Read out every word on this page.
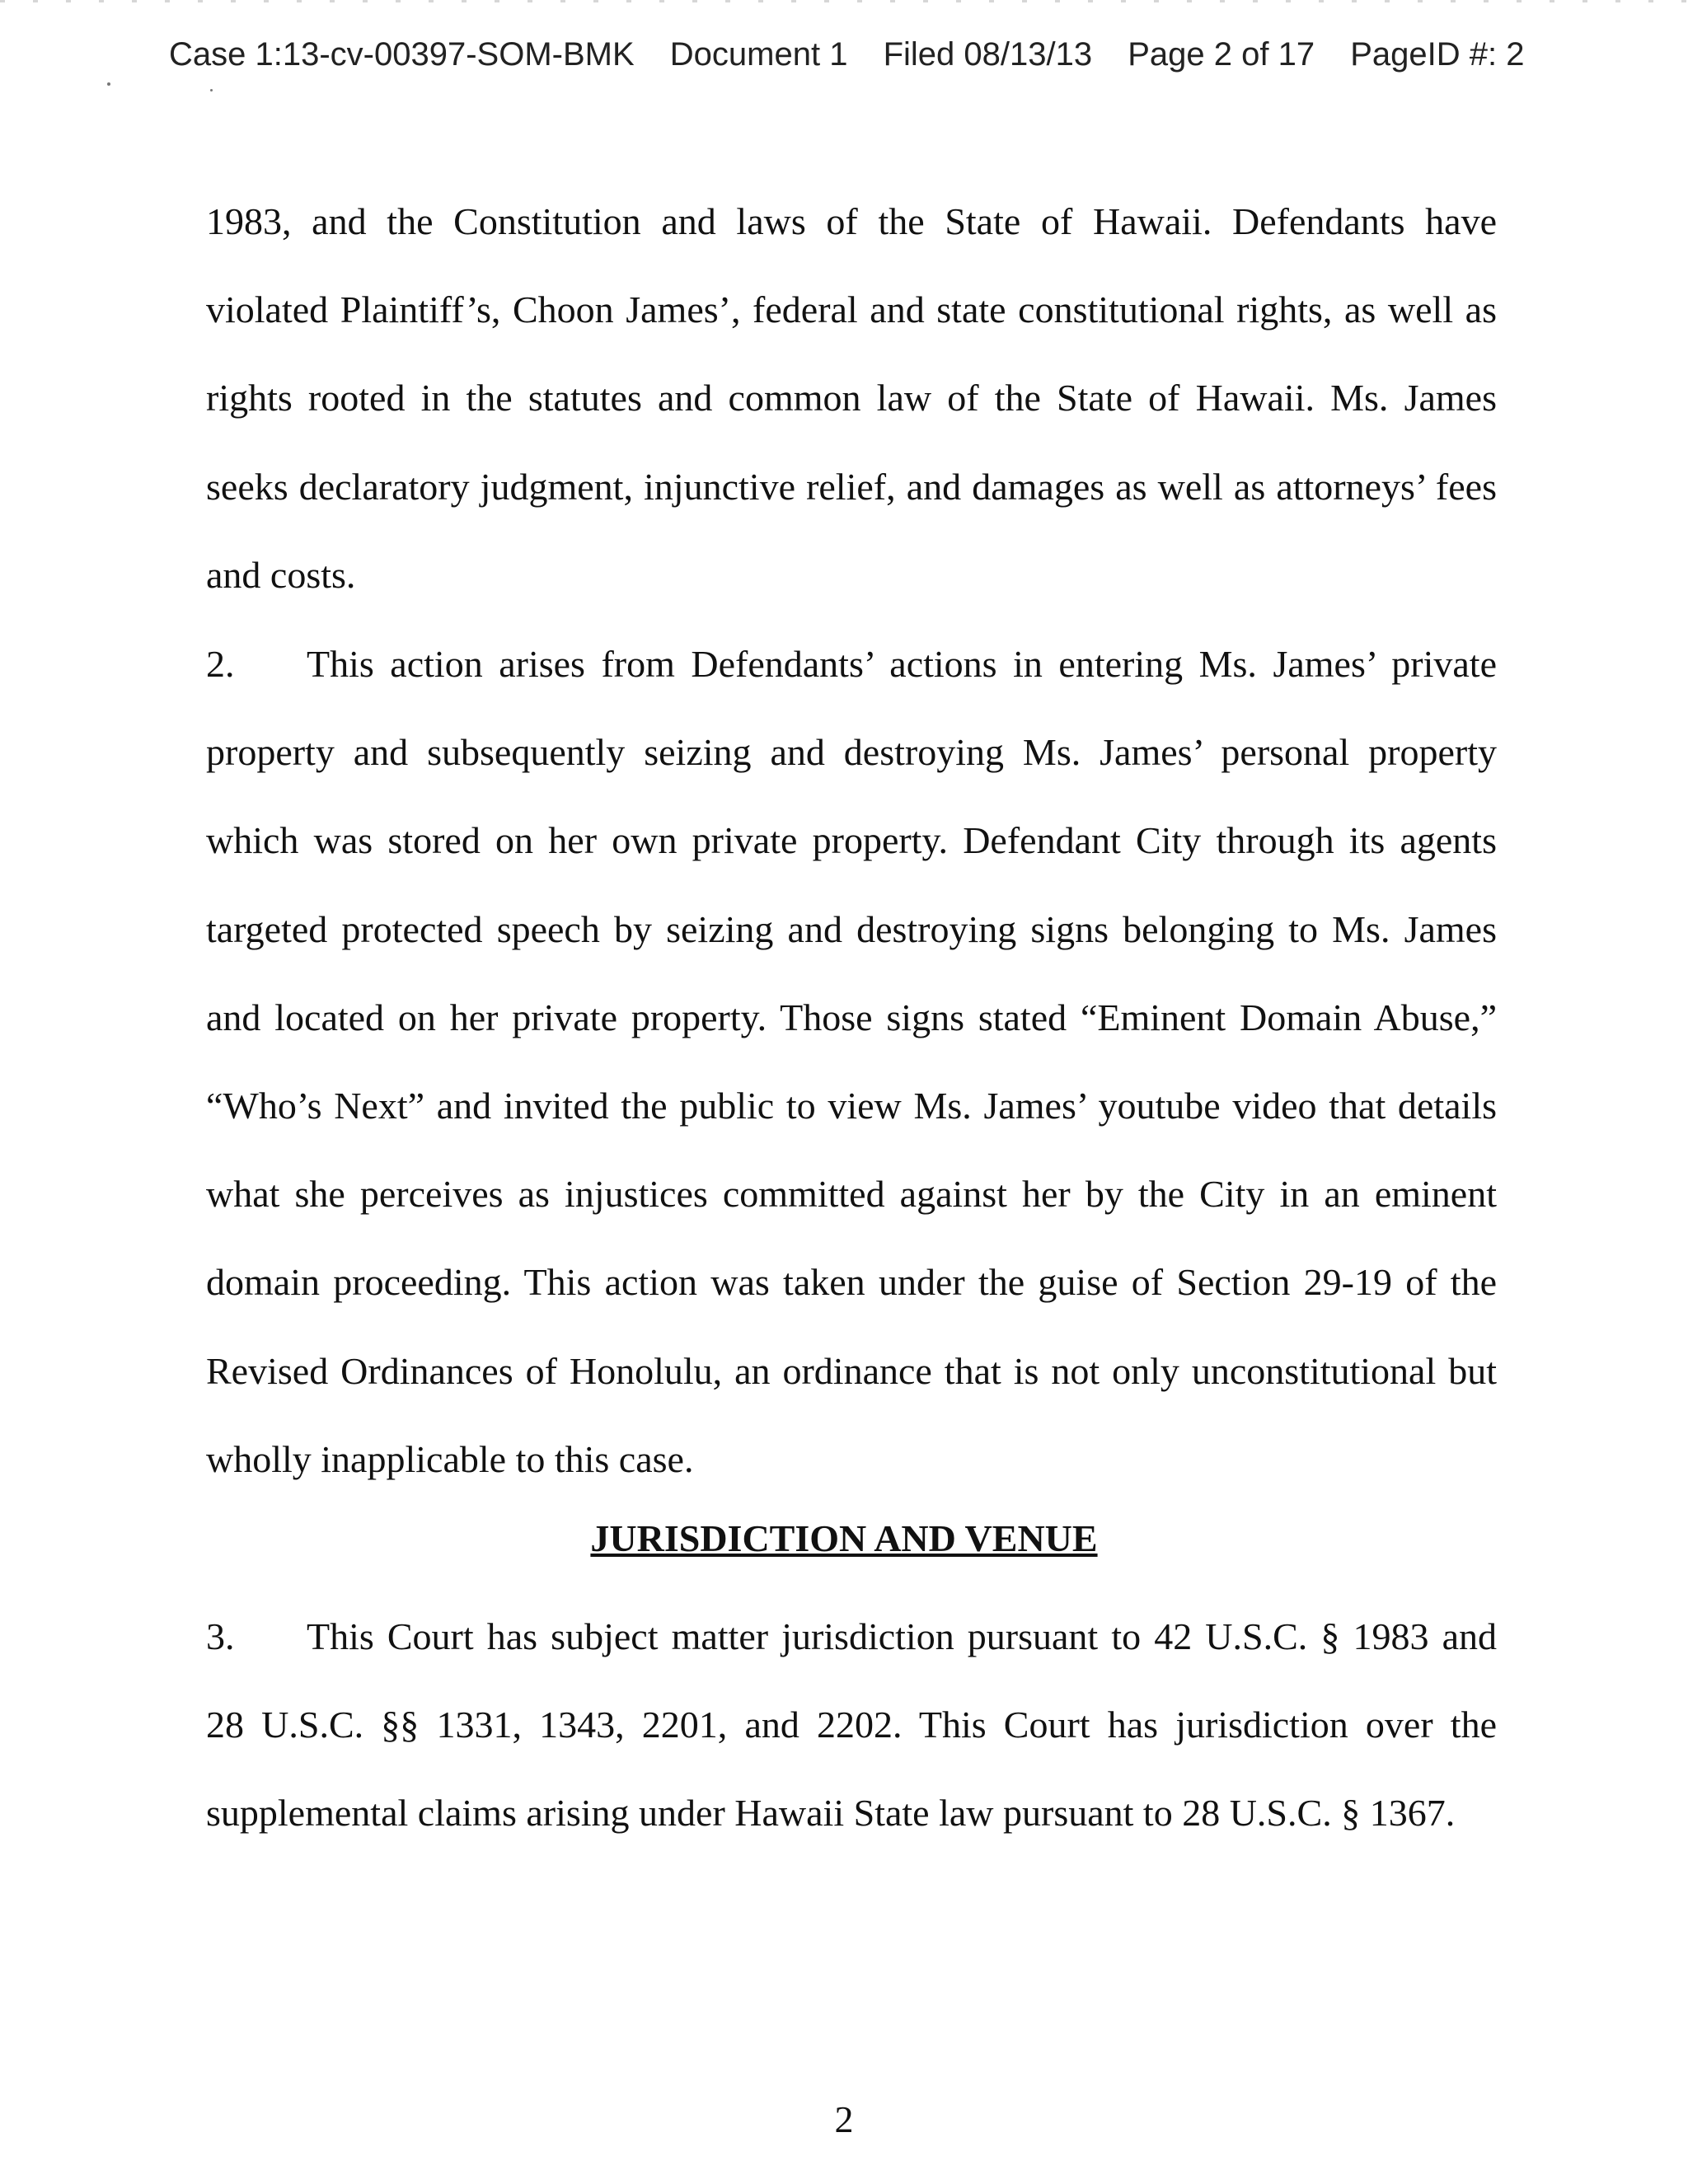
Case 1:13-cv-00397-SOM-BMK Document 1 Filed 08/13/13 Page 2 of 17 PageID #: 2
1983, and the Constitution and laws of the State of Hawaii. Defendants have violated Plaintiff’s, Choon James’, federal and state constitutional rights, as well as rights rooted in the statutes and common law of the State of Hawaii. Ms. James seeks declaratory judgment, injunctive relief, and damages as well as attorneys’ fees and costs.
2. This action arises from Defendants’ actions in entering Ms. James’ private property and subsequently seizing and destroying Ms. James’ personal property which was stored on her own private property. Defendant City through its agents targeted protected speech by seizing and destroying signs belonging to Ms. James and located on her private property. Those signs stated “Eminent Domain Abuse,” “Who’s Next” and invited the public to view Ms. James’ youtube video that details what she perceives as injustices committed against her by the City in an eminent domain proceeding. This action was taken under the guise of Section 29-19 of the Revised Ordinances of Honolulu, an ordinance that is not only unconstitutional but wholly inapplicable to this case.
JURISDICTION AND VENUE
3. This Court has subject matter jurisdiction pursuant to 42 U.S.C. § 1983 and 28 U.S.C. §§ 1331, 1343, 2201, and 2202. This Court has jurisdiction over the supplemental claims arising under Hawaii State law pursuant to 28 U.S.C. § 1367.
2
